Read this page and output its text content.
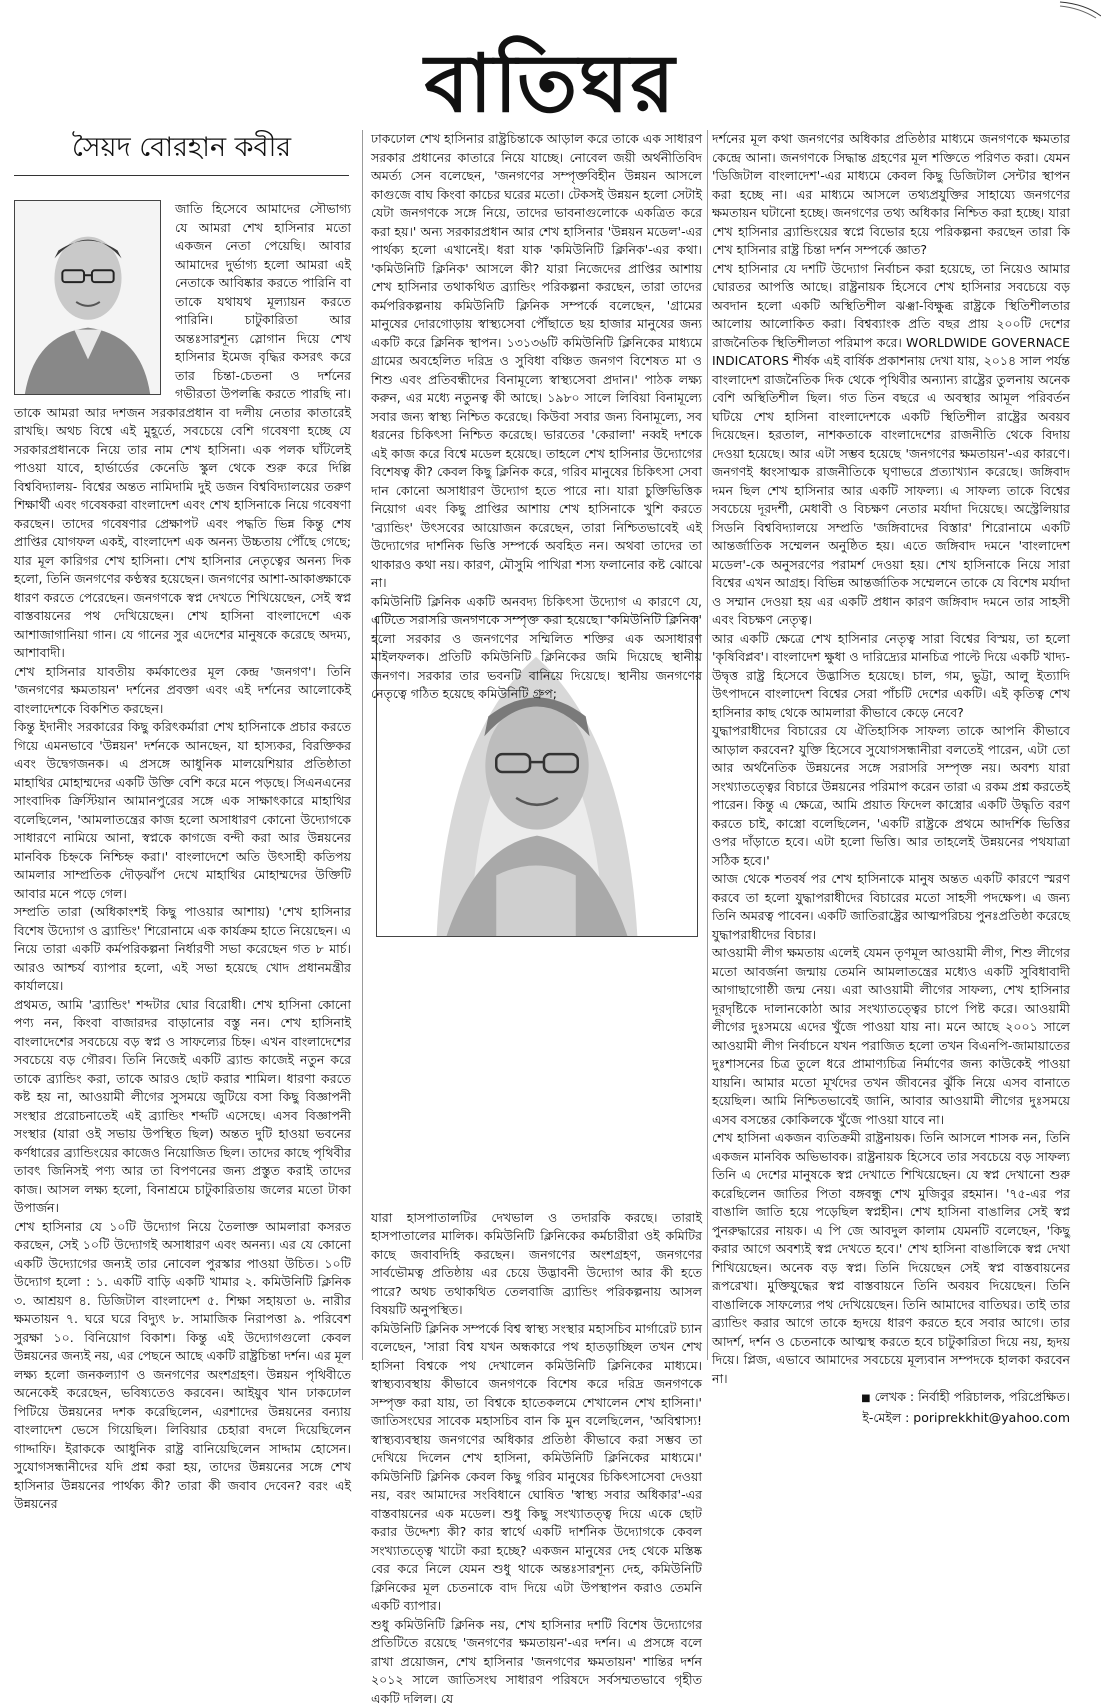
বাতিঘর
সৈয়দ বোরহান কবীর

জাতি হিসেবে আমাদের সৌভাগ্য যে আমরা শেখ হাসিনার মতো একজন নেতা পেয়েছি। আবার আমাদের দুর্ভাগ্য হলো আমরা এই নেতাকে আবিষ্কার করতে পারিনি বা তাকে যথাযথ মূল্যায়ন করতে পারিনি। চাটুকারিতা আর অন্তঃসারশূন্য স্লোগান দিয়ে শেখ হাসিনার ইমেজ বৃদ্ধির কসরৎ করে তার চিন্তা-চেতনা ও দর্শনের গভীরতা উপলব্ধি করতে পারছি না। তাকে আমরা আর দশজন সরকারপ্রধান বা দলীয় নেতার কাতারেই রাখছি। অথচ বিশ্বে এই মুহূর্তে, সবচেয়ে বেশি গবেষণা হচ্ছে যে সরকারপ্রধানকে নিয়ে তার নাম শেখ হাসিনা। এক পলক ঘাঁটলেই পাওয়া যাবে, হার্ভার্ডের কেনেডি স্কুল থেকে শুরু করে দিল্লি বিশ্ববিদ্যালয়- বিশ্বের অন্তত নামিদামি দুই ডজন বিশ্ববিদ্যালয়ের তরুণ শিক্ষার্থী এবং গবেষকরা বাংলাদেশ এবং শেখ হাসিনাকে নিয়ে গবেষণা করছেন। তাদের গবেষণার প্রেক্ষাপট এবং পদ্ধতি ভিন্ন কিন্তু শেষ প্রাপ্তির যোগফল একই, বাংলাদেশ এক অনন্য উচ্চতায় পৌঁছে গেছে; যার মূল কারিগর শেখ হাসিনা। শেখ হাসিনার নেতৃত্বের অনন্য দিক হলো, তিনি জনগণের কণ্ঠস্বর হয়েছেন। জনগণের আশা-আকাঙ্ক্ষাকে ধারণ করতে পেরেছেন। জনগণকে স্বপ্ন দেখতে শিখিয়েছেন, সেই স্বপ্ন বাস্তবায়নের পথ দেখিয়েছেন। শেখ হাসিনা বাংলাদেশে এক আশাজাগানিয়া গান। যে গানের সুর এদেশের মানুষকে করেছে অদম্য, আশাবাদী।

শেখ হাসিনার যাবতীয় কর্মকাণ্ডের মূল কেন্দ্র 'জনগণ'। তিনি 'জনগণের ক্ষমতায়ন' দর্শনের প্রবক্তা এবং এই দর্শনের আলোকেই বাংলাদেশকে বিকশিত করছেন।

কিন্তু ইদানীং সরকারের কিছু করিৎকর্মারা শেখ হাসিনাকে প্রচার করতে গিয়ে এমনভাবে 'উন্নয়ন' দর্শনকে আনছেন, যা হাস্যকর, বিরক্তিকর এবং উদ্বেগজনক। এ প্রসঙ্গে আধুনিক মালয়েশিয়ার প্রতিষ্ঠাতা মাহাথির মোহাম্মদের একটি উক্তি বেশি করে মনে পড়ছে। সিএনএনের সাংবাদিক ক্রিস্টিয়ান আমানপুরের সঙ্গে এক সাক্ষাৎকারে মাহাথির বলেছিলেন, 'আমলাতন্ত্রের কাজ হলো অসাধারণ কোনো উদ্যোগকে সাধারণে নামিয়ে আনা, স্বপ্নকে কাগজে বন্দী করা আর উন্নয়নের মানবিক চিহ্নকে নিশ্চিহ্ন করা।' বাংলাদেশে অতি উৎসাহী কতিপয় আমলার সাম্প্রতিক দৌড়ঝাঁপ দেখে মাহাথির মোহাম্মদের উক্তিটি আবার মনে পড়ে গেল।

সম্প্রতি তারা (অধিকাংশই কিছু পাওয়ার আশায়) 'শেখ হাসিনার বিশেষ উদ্যোগ ও ব্র্যান্ডিং' শিরোনামে এক কার্যক্রম হাতে নিয়েছেন। এ নিয়ে তারা একটি কর্মপরিকল্পনা নির্ধারণী সভা করেছেন গত ৮ মার্চ। আরও আশ্চর্য ব্যাপার হলো, এই সভা হয়েছে খোদ প্রধানমন্ত্রীর কার্যালয়ে।

প্রথমত, আমি 'ব্র্যান্ডিং' শব্দটার ঘোর বিরোধী। শেখ হাসিনা কোনো পণ্য নন, কিংবা বাজারদর বাড়ানোর বস্তু নন। শেখ হাসিনাই বাংলাদেশের সবচেয়ে বড় স্বপ্ন ও সাফল্যের চিহ্ন। এখন বাংলাদেশের সবচেয়ে বড় গৌরব। তিনি নিজেই একটি ব্র্যান্ড কাজেই নতুন করে তাকে ব্র্যান্ডিং করা, তাকে আরও ছোট করার শামিল। ধারণা করতে কষ্ট হয় না, আওয়ামী লীগের সুসময়ে জুটিয়ে বসা কিছু বিজ্ঞাপনী সংস্থার প্ররোচনাতেই এই ব্র্যান্ডিং শব্দটি এসেছে। এসব বিজ্ঞাপনী সংস্থার (যারা ওই সভায় উপস্থিত ছিল) অন্তত দুটি হাওয়া ভবনের কর্ণধারের ব্র্যান্ডিংয়ের কাজেও নিয়োজিত ছিল। তাদের কাছে পৃথিবীর তাবৎ জিনিসই পণ্য আর তা বিপণনের জন্য প্রস্তুত করাই তাদের কাজ। আসল লক্ষ্য হলো, বিনাশ্রমে চাটুকারিতায় জলের মতো টাকা উপার্জন।

শেখ হাসিনার যে ১০টি উদ্যোগ নিয়ে তৈলাক্ত আমলারা কসরত করছেন, সেই ১০টি উদ্যোগই অসাধারণ এবং অনন্য। এর যে কোনো একটি উদ্যোগের জন্যই তার নোবেল পুরস্কার পাওয়া উচিত। ১০টি উদ্যোগ হলো : ১. একটি বাড়ি একটি খামার ২. কমিউনিটি ক্লিনিক ৩. আশ্রয়ণ ৪. ডিজিটাল বাংলাদেশ ৫. শিক্ষা সহায়তা ৬. নারীর ক্ষমতায়ন ৭. ঘরে ঘরে বিদ্যুৎ ৮. সামাজিক নিরাপত্তা ৯. পরিবেশ সুরক্ষা ১০. বিনিয়োগ বিকাশ। কিন্তু এই উদ্যোগগুলো কেবল উন্নয়নের জন্যই নয়, এর পেছনে আছে একটি রাষ্ট্রচিন্তা দর্শন। এর মূল লক্ষ্য হলো জনকল্যাণ ও জনগণের অংশগ্রহণ। উন্নয়ন পৃথিবীতে অনেকেই করেছেন, ভবিষ্যতেও করবেন। আইয়ুব খান ঢাকঢোল পিটিয়ে উন্নয়নের দশক করেছিলেন, এরশাদের উন্নয়নের বন্যায় বাংলাদেশ ভেসে গিয়েছিল। লিবিয়ার চেহারা বদলে দিয়েছিলেন গাদ্দাফি। ইরাককে আধুনিক রাষ্ট্র বানিয়েছিলেন সাদ্দাম হোসেন। সুযোগসন্ধানীদের যদি প্রশ্ন করা হয়, তাদের উন্নয়নের সঙ্গে শেখ হাসিনার উন্নয়নের পার্থক্য কী? তারা কী জবাব দেবেন? বরং এই উন্নয়নের

ঢাকঢোল শেখ হাসিনার রাষ্ট্রচিন্তাকে আড়াল করে তাকে এক সাধারণ সরকার প্রধানের কাতারে নিয়ে যাচ্ছে। নোবেল জয়ী অর্থনীতিবিদ অমর্ত্য সেন বলেছেন, 'জনগণের সম্পৃক্তবিহীন উন্নয়ন আসলে কাগুজে বাঘ কিংবা কাচের ঘরের মতো। টেকসই উন্নয়ন হলো সেটাই যেটা জনগণকে সঙ্গে নিয়ে, তাদের ভাবনাগুলোকে একত্রিত করে করা হয়।' অন্য সরকারপ্রধান আর শেখ হাসিনার 'উন্নয়ন মডেল'-এর পার্থক্য হলো এখানেই। ধরা যাক 'কমিউনিটি ক্লিনিক'-এর কথা। 'কমিউনিটি ক্লিনিক' আসলে কী? যারা নিজেদের প্রাপ্তির আশায় শেখ হাসিনার তথাকথিত ব্র্যান্ডিং পরিকল্পনা করছেন, তারা তাদের কর্মপরিকল্পনায় কমিউনিটি ক্লিনিক সম্পর্কে বলেছেন, 'গ্রামের মানুষের দোরগোড়ায় স্বাস্থ্যসেবা পৌঁছাতে ছয় হাজার মানুষের জন্য একটি করে ক্লিনিক স্থাপন। ১৩১৩৬টি কমিউনিটি ক্লিনিকের মাধ্যমে গ্রামের অবহেলিত দরিদ্র ও সুবিধা বঞ্চিত জনগণ বিশেষত মা ও শিশু এবং প্রতিবন্ধীদের বিনামূল্যে স্বাস্থ্যসেবা প্রদান।' পাঠক লক্ষ্য করুন, এর মধ্যে নতুনত্ব কী আছে। ১৯৮০ সালে লিবিয়া বিনামূল্যে সবার জন্য স্বাস্থ্য নিশ্চিত করেছে। কিউবা সবার জন্য বিনামূল্যে, সব ধরনের চিকিৎসা নিশ্চিত করেছে। ভারতের 'কেরালা' নব্বই দশকে এই কাজ করে বিশ্বে মডেল হয়েছে। তাহলে শেখ হাসিনার উদ্যোগের বিশেষত্ব কী? কেবল কিছু ক্লিনিক করে, গরিব মানুষের চিকিৎসা সেবা দান কোনো অসাধারণ উদ্যোগ হতে পারে না। যারা চুক্তিভিত্তিক নিয়োগ এবং কিছু প্রাপ্তির আশায় শেখ হাসিনাকে খুশি করতে 'ব্র্যান্ডিং' উৎসবের আয়োজন করেছেন, তারা নিশ্চিতভাবেই এই উদ্যোগের দার্শনিক ভিত্তি সম্পর্কে অবহিত নন। অথবা তাদের তা থাকারও কথা নয়। কারণ, মৌসুমি পাখিরা শস্য ফলানোর কষ্ট ঝোঝে না।

কমিউনিটি ক্লিনিক একটি অনবদ্য চিকিৎসা উদ্যোগ এ কারণে যে, এটিতে সরাসরি জনগণকে সম্পৃক্ত করা হয়েছে। 'কমিউনিটি ক্লিনিক' হলো সরকার ও জনগণের সম্মিলিত শক্তির এক অসাধারণ মাইলফলক। প্রতিটি কমিউনিটি ক্লিনিকের জমি দিয়েছে স্থানীয় জনগণ। সরকার তার ভবনটি বানিয়ে দিয়েছে। স্থানীয় জনগণের নেতৃত্বে গঠিত হয়েছে কমিউনিটি গ্রুপ;

যারা হাসপাতালটির দেখভাল ও তদারকি করছে। তারাই হাসপাতালের মালিক। কমিউনিটি ক্লিনিকের কর্মচারীরা ওই কমিটির কাছে জবাবদিহি করছেন। জনগণের অংশগ্রহণ, জনগণের সার্বভৌমত্ব প্রতিষ্ঠায় এর চেয়ে উদ্ভাবনী উদ্যোগ আর কী হতে পারে? অথচ তথাকথিত তেলবাজি ব্র্যান্ডিং পরিকল্পনায় আসল বিষয়টি অনুপস্থিত।

কমিউনিটি ক্লিনিক সম্পর্কে বিশ্ব স্বাস্থ্য সংস্থার মহাসচিব মার্গারেট চ্যান বলেছেন, 'সারা বিশ্ব যখন অন্ধকারে পথ হাতড়াচ্ছিল তখন শেখ হাসিনা বিশ্বকে পথ দেখালেন কমিউনিটি ক্লিনিকের মাধ্যমে। স্বাস্থ্যব্যবস্থায় কীভাবে জনগণকে বিশেষ করে দরিদ্র জনগণকে সম্পৃক্ত করা যায়, তা বিশ্বকে হাতেকলমে শেখালেন শেখ হাসিনা।' জাতিসংঘের সাবেক মহাসচিব বান কি মুন বলেছিলেন, 'অবিশ্বাস্য! স্বাস্থ্যব্যবস্থায় জনগণের অধিকার প্রতিষ্ঠা কীভাবে করা সম্ভব তা দেখিয়ে দিলেন শেখ হাসিনা, কমিউনিটি ক্লিনিকের মাধ্যমে।' কমিউনিটি ক্লিনিক কেবল কিছু গরিব মানুষের চিকিৎসাসেবা দেওয়া নয়, বরং আমাদের সংবিধানে ঘোষিত 'স্বাস্থ্য সবার অধিকার'-এর বাস্তবায়নের এক মডেল। শুধু কিছু সংখ্যাতত্ত্ব দিয়ে একে ছোট করার উদ্দেশ্য কী? কার স্বার্থে একটি দার্শনিক উদ্যোগকে কেবল সংখ্যাতত্ত্বে খাটো করা হচ্ছে? একজন মানুষের দেহ থেকে মস্তিষ্ক বের করে নিলে যেমন শুধু থাকে অন্তঃসারশূন্য দেহ, কমিউনিটি ক্লিনিকের মূল চেতনাকে বাদ দিয়ে এটা উপস্থাপন করাও তেমনি একটি ব্যাপার।

শুধু কমিউনিটি ক্লিনিক নয়, শেখ হাসিনার দশটি বিশেষ উদ্যোগের প্রতিটিতে রয়েছে 'জনগণের ক্ষমতায়ন'-এর দর্শন। এ প্রসঙ্গে বলে রাখা প্রয়োজন, শেখ হাসিনার 'জনগণের ক্ষমতায়ন' শান্তির দর্শন ২০১২ সালে জাতিসংঘ সাধারণ পরিষদে সর্বসম্মতভাবে গৃহীত একটি দলিল। যে

দর্শনের মূল কথা জনগণের অধিকার প্রতিষ্ঠার মাধ্যমে জনগণকে ক্ষমতার কেন্দ্রে আনা। জনগণকে সিদ্ধান্ত গ্রহণের মূল শক্তিতে পরিণত করা। যেমন 'ডিজিটাল বাংলাদেশ'-এর মাধ্যমে কেবল কিছু ডিজিটাল সেন্টার স্থাপন করা হচ্ছে না। এর মাধ্যমে আসলে তথ্যপ্রযুক্তির সাহায্যে জনগণের ক্ষমতায়ন ঘটানো হচ্ছে। জনগণের তথ্য অধিকার নিশ্চিত করা হচ্ছে। যারা শেখ হাসিনার ব্র্যান্ডিংয়ের স্বপ্নে বিভোর হয়ে পরিকল্পনা করছেন তারা কি শেখ হাসিনার রাষ্ট্র চিন্তা দর্শন সম্পর্কে জ্ঞাত?

শেখ হাসিনার যে দশটি উদ্যোগ নির্বাচন করা হয়েছে, তা নিয়েও আমার ঘোরতর আপত্তি আছে। রাষ্ট্রনায়ক হিসেবে শেখ হাসিনার সবচেয়ে বড় অবদান হলো একটি অস্থিতিশীল ঝঞ্ঝা-বিক্ষুব্ধ রাষ্ট্রকে স্থিতিশীলতার আলোয় আলোকিত করা। বিশ্বব্যাংক প্রতি বছর প্রায় ২০০টি দেশের রাজনৈতিক স্থিতিশীলতা পরিমাপ করে। WORLDWIDE GOVERNACE INDICATORS শীর্ষক এই বার্ষিক প্রকাশনায় দেখা যায়, ২০১৪ সাল পর্যন্ত বাংলাদেশ রাজনৈতিক দিক থেকে পৃথিবীর অন্যান্য রাষ্ট্রের তুলনায় অনেক বেশি অস্থিতিশীল ছিল। গত তিন বছরে এ অবস্থার আমূল পরিবর্তন ঘটিয়ে শেখ হাসিনা বাংলাদেশকে একটি স্থিতিশীল রাষ্ট্রের অবয়ব দিয়েছেন। হরতাল, নাশকতাকে বাংলাদেশের রাজনীতি থেকে বিদায় দেওয়া হয়েছে। আর এটা সম্ভব হয়েছে 'জনগণের ক্ষমতায়ন'-এর কারণে। জনগণই ধ্বংসাত্মক রাজনীতিকে ঘৃণাভরে প্রত্যাখ্যান করেছে। জঙ্গিবাদ দমন ছিল শেখ হাসিনার আর একটি সাফল্য। এ সাফল্য তাকে বিশ্বের সবচেয়ে দূরদর্শী, মেধাবী ও বিচক্ষণ নেতার মর্যাদা দিয়েছে। অস্ট্রেলিয়ার সিডনি বিশ্ববিদ্যালয়ে সম্প্রতি 'জঙ্গিবাদের বিস্তার' শিরোনামে একটি আন্তর্জাতিক সম্মেলন অনুষ্ঠিত হয়। এতে জঙ্গিবাদ দমনে 'বাংলাদেশ মডেল'-কে অনুসরণের পরামর্শ দেওয়া হয়। শেখ হাসিনাকে নিয়ে সারা বিশ্বের এখন আগ্রহ। বিভিন্ন আন্তর্জাতিক সম্মেলনে তাকে যে বিশেষ মর্যাদা ও সম্মান দেওয়া হয় এর একটি প্রধান কারণ জঙ্গিবাদ দমনে তার সাহসী এবং বিচক্ষণ নেতৃত্ব।

আর একটি ক্ষেত্রে শেখ হাসিনার নেতৃত্ব সারা বিশ্বের বিস্ময়, তা হলো 'কৃষিবিপ্লব'। বাংলাদেশ ক্ষুধা ও দারিদ্র্যের মানচিত্র পাল্টে দিয়ে একটি খাদ্য-উদ্বৃত্ত রাষ্ট্র হিসেবে উদ্ভাসিত হয়েছে। চাল, গম, ভুট্টা, আলু ইত্যাদি উৎপাদনে বাংলাদেশ বিশ্বের সেরা পাঁচটি দেশের একটি। এই কৃতিত্ব শেখ হাসিনার কাছ থেকে আমলারা কীভাবে কেড়ে নেবে?

যুদ্ধাপরাধীদের বিচারের যে ঐতিহাসিক সাফল্য তাকে আপনি কীভাবে আড়াল করবেন? যুক্তি হিসেবে সুযোগসন্ধানীরা বলতেই পারেন, এটা তো আর অর্থনৈতিক উন্নয়নের সঙ্গে সরাসরি সম্পৃক্ত নয়। অবশ্য যারা সংখ্যাতত্ত্বের বিচারে উন্নয়নের পরিমাপ করেন তারা এ রকম প্রশ্ন করতেই পারেন। কিন্তু এ ক্ষেত্রে, আমি প্রয়াত ফিদেল কাস্ত্রোর একটি উদ্ধৃতি বরণ করতে চাই, কাস্ত্রো বলেছিলেন, 'একটি রাষ্ট্রকে প্রথমে আদর্শিক ভিত্তির ওপর দাঁড়াতে হবে। এটা হলো ভিত্তি। আর তাহলেই উন্নয়নের পথযাত্রা সঠিক হবে।'

আজ থেকে শতবর্ষ পর শেখ হাসিনাকে মানুষ অন্তত একটি কারণে স্মরণ করবে তা হলো যুদ্ধাপরাধীদের বিচারের মতো সাহসী পদক্ষেপ। এ জন্য তিনি অমরত্ব পাবেন। একটি জাতিরাষ্ট্রের আত্মপরিচয় পুনঃপ্রতিষ্ঠা করেছে যুদ্ধাপরাধীদের বিচার।

আওয়ামী লীগ ক্ষমতায় এলেই যেমন তৃণমূল আওয়ামী লীগ, শিশু লীগের মতো আবর্জনা জন্মায় তেমনি আমলাতন্ত্রের মধ্যেও একটি সুবিধাবাদী আগাছাগোষ্ঠী জন্ম নেয়। এরা আওয়ামী লীগের সাফল্য, শেখ হাসিনার দূরদৃষ্টিকে দালানকোঠা আর সংখ্যাতত্ত্বের চাপে পিষ্ট করে। আওয়ামী লীগের দুঃসময়ে এদের খুঁজে পাওয়া যায় না। মনে আছে ২০০১ সালে আওয়ামী লীগ নির্বাচনে যখন পরাজিত হলো তখন বিএনপি-জামায়াতের দুঃশাসনের চিত্র তুলে ধরে প্রামাণ্যচিত্র নির্মাণের জন্য কাউকেই পাওয়া যায়নি। আমার মতো মূর্খদের তখন জীবনের ঝুঁকি নিয়ে এসব বানাতে হয়েছিল। আমি নিশ্চিতভাবেই জানি, আবার আওয়ামী লীগের দুঃসময়ে এসব বসন্তের কোকিলকে খুঁজে পাওয়া যাবে না।

শেখ হাসিনা একজন ব্যতিক্রমী রাষ্ট্রনায়ক। তিনি আসলে শাসক নন, তিনি একজন মানবিক অভিভাবক। রাষ্ট্রনায়ক হিসেবে তার সবচেয়ে বড় সাফল্য তিনি এ দেশের মানুষকে স্বপ্ন দেখাতে শিখিয়েছেন। যে স্বপ্ন দেখানো শুরু করেছিলেন জাতির পিতা বঙ্গবন্ধু শেখ মুজিবুর রহমান। '৭৫-এর পর বাঙালি জাতি হয়ে পড়েছিল স্বপ্নহীন। শেখ হাসিনা বাঙালির সেই স্বপ্ন পুনরুদ্ধারের নায়ক। এ পি জে আবদুল কালাম যেমনটি বলেছেন, 'কিছু করার আগে অবশ্যই স্বপ্ন দেখতে হবে।' শেখ হাসিনা বাঙালিকে স্বপ্ন দেখা শিখিয়েছেন। অনেক বড় স্বপ্ন। তিনি দিয়েছেন সেই স্বপ্ন বাস্তবায়নের রূপরেখা। মুক্তিযুদ্ধের স্বপ্ন বাস্তবায়নে তিনি অবয়ব দিয়েছেন। তিনি বাঙালিকে সাফল্যের পথ দেখিয়েছেন। তিনি আমাদের বাতিঘর। তাই তার ব্র্যান্ডিং করার আগে তাকে হৃদয়ে ধারণ করতে হবে সবার আগে। তার আদর্শ, দর্শন ও চেতনাকে আত্মস্থ করতে হবে চাটুকারিতা দিয়ে নয়, হৃদয় দিয়ে। প্লিজ, এভাবে আমাদের সবচেয়ে মূল্যবান সম্পদকে হালকা করবেন না।

■ লেখক : নির্বাহী পরিচালক, পরিপ্রেক্ষিত।
ই-মেইল : poriprekkhit@yahoo.com
